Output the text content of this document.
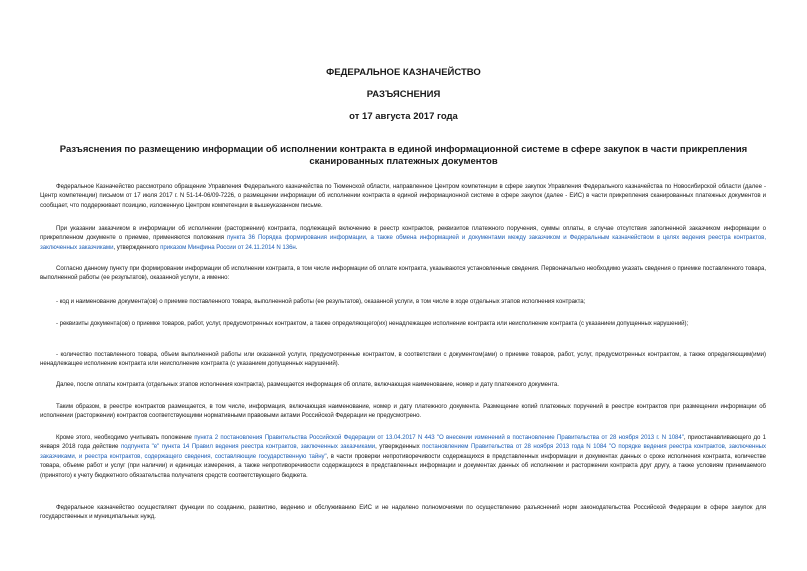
ФЕДЕРАЛЬНОЕ КАЗНАЧЕЙСТВО
РАЗЪЯСНЕНИЯ
от 17 августа 2017 года
Разъяснения по размещению информации об исполнении контракта в единой информационной системе в сфере закупок в части прикрепления сканированных платежных документов
Федеральное Казначейство рассмотрело обращение Управления Федерального казначейства по Тюменской области, направленное Центром компетенции в сфере закупок Управления Федерального казначейства по Новосибирской области (далее - Центр компетенции) письмом от 17 июля 2017 г. N 51-14-06/09-7226, о размещении информации об исполнении контракта в единой информационной системе в сфере закупок (далее - ЕИС) в части прикрепления сканированных платежных документов и сообщает, что поддерживает позицию, изложенную Центром компетенции в вышеуказанном письме.
При указании заказчиком в информации об исполнении (расторжении) контракта, подлежащей включению в реестр контрактов, реквизитов платежного поручения, суммы оплаты, в случае отсутствия заполненной заказчиком информации о прикрепленном документе о приемке, применяются положения пункта 36 Порядка формирования информации, а также обмена информацией и документами между заказчиком и Федеральным казначейством в целях ведения реестра контрактов, заключенных заказчиками, утвержденного приказом Минфина России от 24.11.2014 N 136н.
Согласно данному пункту при формировании информации об исполнении контракта, в том числе информации об оплате контракта, указываются установленные сведения. Первоначально необходимо указать сведения о приемке поставленного товара, выполненной работы (ее результатов), оказанной услуги, а именно:
- код и наименование документа(ов) о приемке поставленного товара, выполненной работы (ее результатов), оказанной услуги, в том числе в ходе отдельных этапов исполнения контракта;
- реквизиты документа(ов) о приемке товаров, работ, услуг, предусмотренных контрактом, а также определяющего(их) ненадлежащее исполнение контракта или неисполнение контракта (с указанием допущенных нарушений);
- количество поставленного товара, объем выполненной работы или оказанной услуги, предусмотренные контрактом, в соответствии с документом(ами) о приемке товаров, работ, услуг, предусмотренных контрактом, а также определяющим(ими) ненадлежащее исполнение контракта или неисполнение контракта (с указанием допущенных нарушений).
Далее, после оплаты контракта (отдельных этапов исполнения контракта), размещается информация об оплате, включающая наименование, номер и дату платежного документа.
Таким образом, в реестре контрактов размещается, в том числе, информация, включающая наименование, номер и дату платежного документа. Размещение копий платежных поручений в реестре контрактов при размещении информации об исполнении (расторжении) контрактов соответствующими нормативными правовыми актами Российской Федерации не предусмотрено.
Кроме этого, необходимо учитывать положение пункта 2 постановления Правительства Российской Федерации от 13.04.2017 N 443 "О внесении изменений в постановление Правительства от 28 ноября 2013 г. N 1084", приостанавливающего до 1 января 2018 года действие подпункта "е" пункта 14 Правил ведения реестра контрактов, заключенных заказчиками, утвержденных постановлением Правительства от 28 ноября 2013 года N 1084 "О порядке ведения реестра контрактов, заключенных заказчиками, и реестра контрактов, содержащего сведения, составляющие государственную тайну", в части проверки непротиворечивости содержащихся в представленных информации и документах данных о сроке исполнения контракта, количестве товара, объеме работ и услуг (при наличии) и единицах измерения, а также непротиворечивости содержащихся в представленных информации и документах данных об исполнении и расторжении контракта друг другу, а также условиям принимаемого (принятого) к учету бюджетного обязательства получателя средств соответствующего бюджета.
Федеральное казначейство осуществляет функции по созданию, развитию, ведению и обслуживанию ЕИС и не наделено полномочиями по осуществлению разъяснений норм законодательства Российской Федерации в сфере закупок для государственных и муниципальных нужд.
